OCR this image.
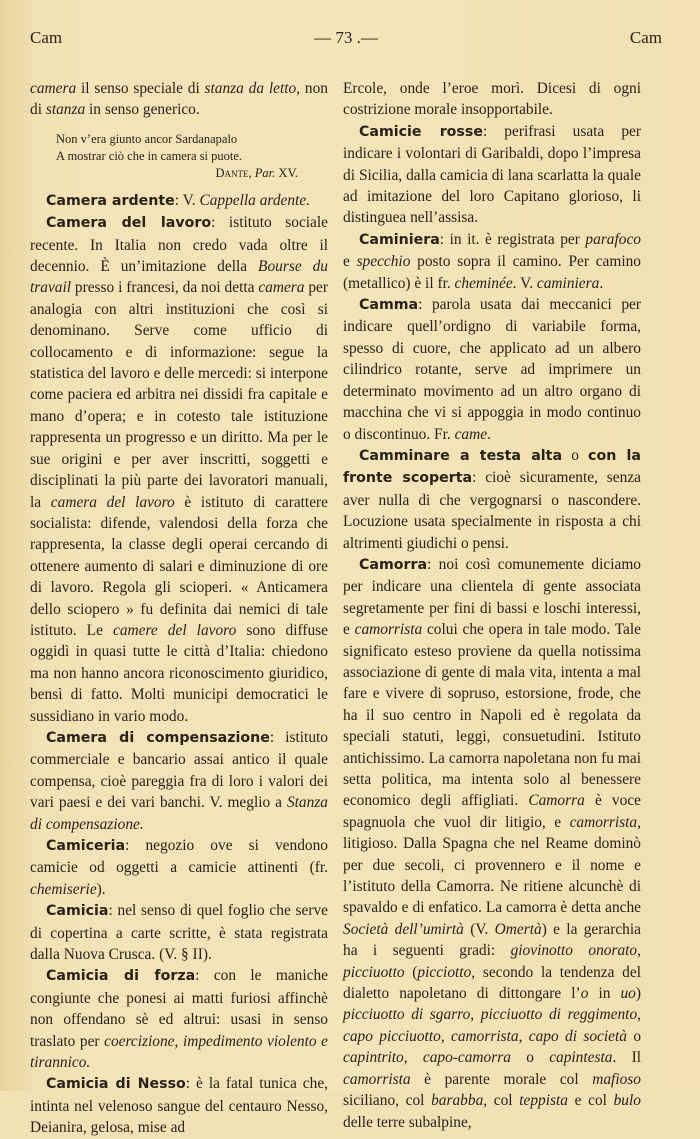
Cam	— 73 .—	Cam

camera il senso speciale di stanza da letto, non di stanza in senso generico.

Non v’era giunto ancor Sardanapalo
A mostrar ciò che in camera si puote.
Dante, Par. XV.

Camera ardente: V. Cappella ardente.

Camera del lavoro: istituto sociale recente. In Italia non credo vada oltre il decennio. È un’imitazione della Bourse du travail presso i francesi, da noi detta camera per analogia con altri instituzioni che così si denominano. Serve come ufficio di collocamento e di informazione: segue la statistica del lavoro e delle mercedi: si interpone come paciera ed arbitra nei dissidi fra capitale e mano d’opera; e in cotesto tale istituzione rappresenta un progresso e un diritto. Ma per le sue origini e per aver inscritti, soggetti e disciplinati la più parte dei lavoratori manuali, la camera del lavoro è istituto di carattere socialista: difende, valendosi della forza che rappresenta, la classe degli operai cercando di ottenere aumento di salari e diminuzione di ore di lavoro. Regola gli scioperi. « Anticamera dello sciopero » fu definita dai nemici di tale istituto. Le camere del lavoro sono diffuse oggidì in quasi tutte le città d’Italia: chiedono ma non hanno ancora riconoscimento giuridico, bensì di fatto. Molti municipi democratici le sussidiano in vario modo.

Camera di compensazione: istituto commerciale e bancario assai antico il quale compensa, cioè pareggia fra di loro i valori dei vari paesi e dei vari banchi. V. meglio a Stanza di compensazione.

Camiceria: negozio ove si vendono camicie od oggetti a camicie attinenti (fr. chemiserie).

Camicia: nel senso di quel foglio che serve di copertina a carte scritte, è stata registrata dalla Nuova Crusca. (V. § II).

Camicia di forza: con le maniche congiunte che ponesi ai matti furiosi affinchè non offendano sè ed altrui: usasi in senso traslato per coercizione, impedimento violento e tirannico.

Camicia di Nesso: è la fatal tunica che, intinta nel velenoso sangue del centauro Nesso, Deianira, gelosa, mise ad

Ercole, onde l’eroe morì. Dicesi di ogni costrizione morale insopportabile.

Camicie rosse: perifrasi usata per indicare i volontari di Garibaldi, dopo l’impresa di Sicilia, dalla camicia di lana scarlatta la quale ad imitazione del loro Capitano glorioso, li distinguea nell’assisa.

Caminiera: in it. è registrata per parafoco e specchio posto sopra il camino. Per camino (metallico) è il fr. cheminée. V. caminiera.

Camma: parola usata dai meccanici per indicare quell’ordigno di variabile forma, spesso di cuore, che applicato ad un albero cilindrico rotante, serve ad imprimere un determinato movimento ad un altro organo di macchina che vi si appoggia in modo continuo o discontinuo. Fr. came.

Camminare a testa alta o con la fronte scoperta: cioè sicuramente, senza aver nulla di che vergognarsi o nascondere. Locuzione usata specialmente in risposta a chi altrimenti giudichi o pensi.

Camorra: noi così comunemente diciamo per indicare una clientela di gente associata segretamente per fini di bassi e loschi interessi, e camorrista colui che opera in tale modo. Tale significato esteso proviene da quella notissima associazione di gente di mala vita, intenta a mal fare e vivere di sopruso, estorsione, frode, che ha il suo centro in Napoli ed è regolata da speciali statuti, leggi, consuetudini. Istituto antichissimo. La camorra napoletana non fu mai setta politica, ma intenta solo al benessere economico degli affigliati. Camorra è voce spagnuola che vuol dir litigio, e camorrista, litigioso. Dalla Spagna che nel Reame dominò per due secoli, ci provennero e il nome e l’istituto della Camorra. Ne ritiene alcunchè di spavaldo e di enfatico. La camorra è detta anche Società dell’umirtà (V. Omertà) e la gerarchia ha i seguenti gradi: giovinotto onorato, picciuotto (picciotto, secondo la tendenza del dialetto napoletano di dittongare l’o in uo) picciuotto di sgarro, picciuotto di reggimento, capo picciuotto, camorrista, capo di società o capintrito, capo-camorra o capintesta. Il camorrista è parente morale col mafioso siciliano, col barabba, col teppista e col bulo delle terre subalpine,
